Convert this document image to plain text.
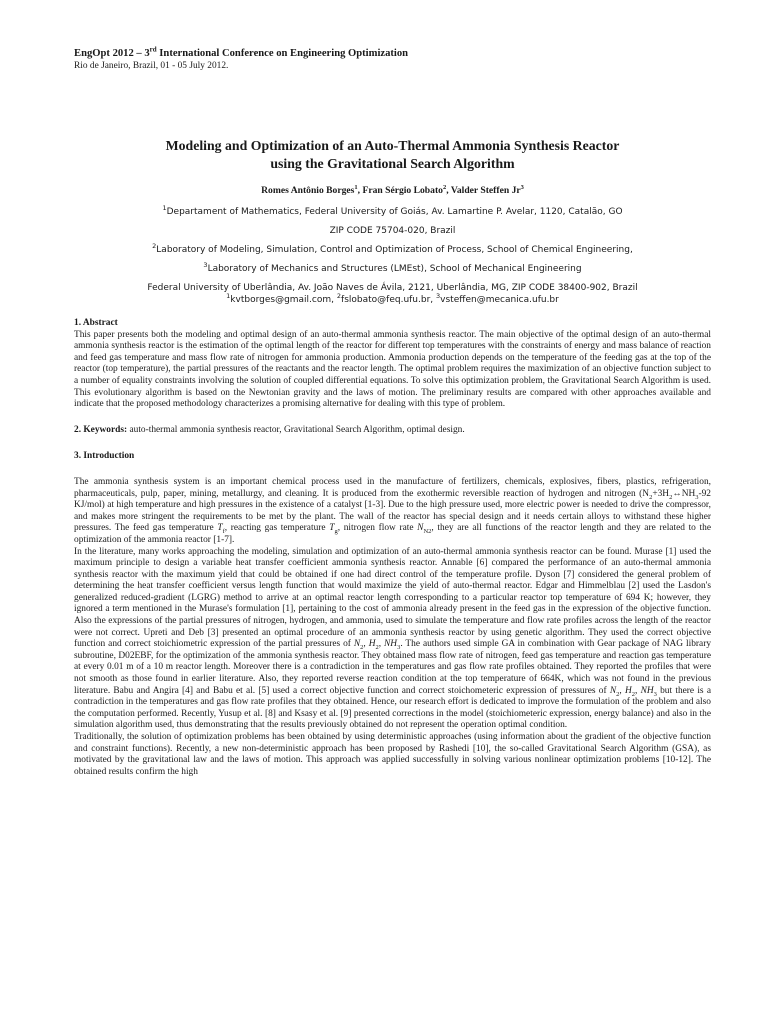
EngOpt 2012 – 3rd International Conference on Engineering Optimization
Rio de Janeiro, Brazil, 01 - 05 July 2012.
Modeling and Optimization of an Auto-Thermal Ammonia Synthesis Reactor
using the Gravitational Search Algorithm
Romes Antônio Borges$^1$, Fran Sérgio Lobato$^2$, Valder Steffen Jr$^3$
$^1$Departament of Mathematics, Federal University of Goiás, Av. Lamartine P. Avelar, 1120, Catalão, GO
ZIP CODE 75704-020, Brazil
$^2$Laboratory of Modeling, Simulation, Control and Optimization of Process, School of Chemical Engineering,
$^3$Laboratory of Mechanics and Structures (LMEst), School of Mechanical Engineering
Federal University of Uberlândia, Av. João Naves de Ávila, 2121, Uberlândia, MG, ZIP CODE 38400-902, Brazil
$^1$kvtborges@gmail.com, $^2$fslobato@feq.ufu.br, $^3$vsteffen@mecanica.ufu.br
1. Abstract

This paper presents both the modeling and optimal design of an auto-thermal ammonia synthesis reactor. The main objective of the optimal design of an auto-thermal ammonia synthesis reactor is the estimation of the optimal length of the reactor for different top temperatures with the constraints of energy and mass balance of reaction and feed gas temperature and mass flow rate of nitrogen for ammonia production. Ammonia production depends on the temperature of the feeding gas at the top of the reactor (top temperature), the partial pressures of the reactants and the reactor length. The optimal problem requires the maximization of an objective function subject to a number of equality constraints involving the solution of coupled differential equations. To solve this optimization problem, the Gravitational Search Algorithm is used. This evolutionary algorithm is based on the Newtonian gravity and the laws of motion. The preliminary results are compared with other approaches available and indicate that the proposed methodology characterizes a promising alternative for dealing with this type of problem.

2. Keywords: auto-thermal ammonia synthesis reactor, Gravitational Search Algorithm, optimal design.
3. Introduction

The ammonia synthesis system is an important chemical process used in the manufacture of fertilizers, chemicals, explosives, fibers, plastics, refrigeration, pharmaceuticals, pulp, paper, mining, metallurgy, and cleaning. It is produced from the exothermic reversible reaction of hydrogen and nitrogen ($N_2+3H_2\leftrightarrow NH_3-92$ KJ/mol) at high temperature and high pressures in the existence of a catalyst [1-3]. Due to the high pressure used, more electric power is needed to drive the compressor, and makes more stringent the requirements to be met by the plant. The wall of the reactor has special design and it needs certain alloys to withstand these higher pressures. The feed gas temperature $T_f$, reacting gas temperature $T_g$, nitrogen flow rate $N_{N2}$, they are all functions of the reactor length and they are related to the optimization of the ammonia reactor [1-7].

In the literature, many works approaching the modeling, simulation and optimization of an auto-thermal ammonia synthesis reactor can be found. Murase [1] used the maximum principle to design a variable heat transfer coefficient ammonia synthesis reactor. Annable [6] compared the performance of an auto-thermal ammonia synthesis reactor with the maximum yield that could be obtained if one had direct control of the temperature profile. Dyson [7] considered the general problem of determining the heat transfer coefficient versus length function that would maximize the yield of auto-thermal reactor. Edgar and Himmelblau [2] used the Lasdon's generalized reduced-gradient (LGRG) method to arrive at an optimal reactor length corresponding to a particular reactor top temperature of 694 K; however, they ignored a term mentioned in the Murase's formulation [1], pertaining to the cost of ammonia already present in the feed gas in the expression of the objective function. Also the expressions of the partial pressures of nitrogen, hydrogen, and ammonia, used to simulate the temperature and flow rate profiles across the length of the reactor were not correct. Upreti and Deb [3] presented an optimal procedure of an ammonia synthesis reactor by using genetic algorithm. They used the correct objective function and correct stoichiometric expression of the partial pressures of $N_2$, $H_2$, $NH_3$. The authors used simple GA in combination with Gear package of NAG library subroutine, D02EBF, for the optimization of the ammonia synthesis reactor. They obtained mass flow rate of nitrogen, feed gas temperature and reaction gas temperature at every 0.01 m of a 10 m reactor length. Moreover there is a contradiction in the temperatures and gas flow rate profiles obtained. They reported the profiles that were not smooth as those found in earlier literature. Also, they reported reverse reaction condition at the top temperature of 664K, which was not found in the previous literature. Babu and Angira [4] and Babu et al. [5] used a correct objective function and correct stoichometeric expression of pressures of $N_2$, $H_2$, $NH_3$ but there is a contradiction in the temperatures and gas flow rate profiles that they obtained. Hence, our research effort is dedicated to improve the formulation of the problem and also the computation performed. Recently, Yusup et al. [8] and Ksasy et al. [9] presented corrections in the model (stoichiometeric expression, energy balance) and also in the simulation algorithm used, thus demonstrating that the results previously obtained do not represent the operation optimal condition.

Traditionally, the solution of optimization problems has been obtained by using deterministic approaches (using information about the gradient of the objective function and constraint functions). Recently, a new non-deterministic approach has been proposed by Rashedi [10], the so-called Gravitational Search Algorithm (GSA), as motivated by the gravitational law and the laws of motion. This approach was applied successfully in solving various nonlinear optimization problems [10-12]. The obtained results confirm the high
